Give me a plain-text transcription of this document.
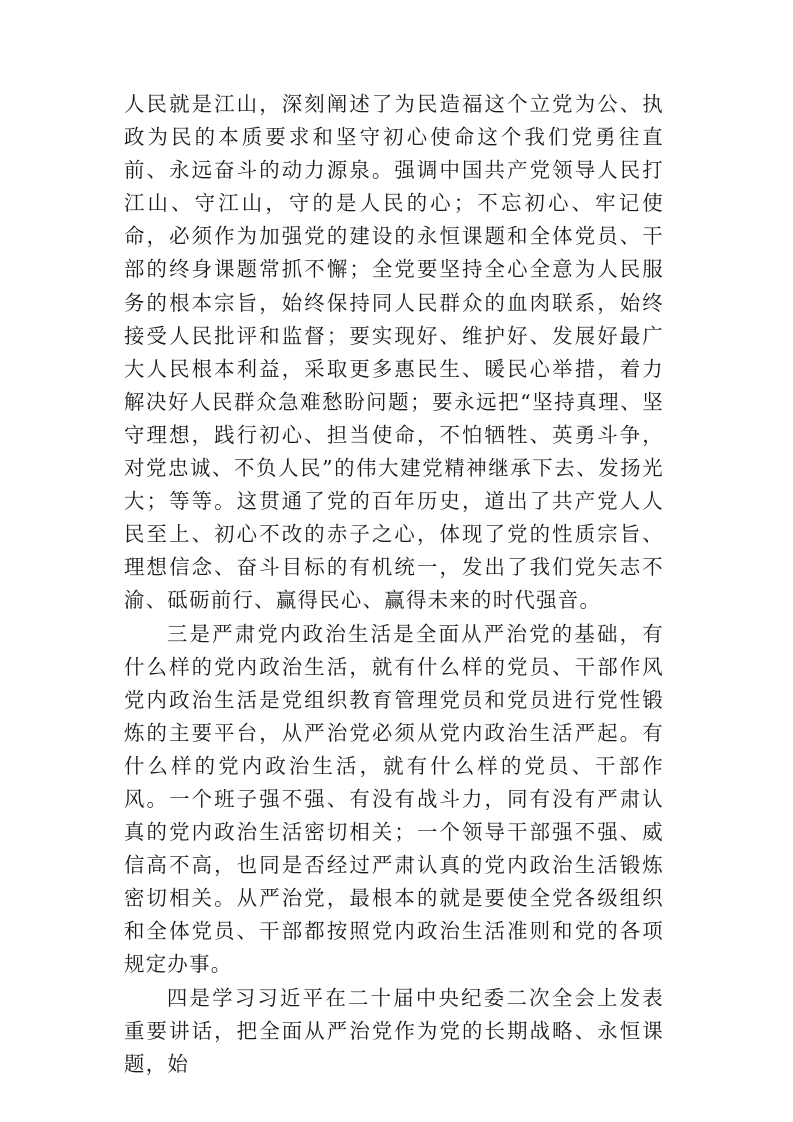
人民就是江山，深刻阐述了为民造福这个立党为公、执政为民的本质要求和坚守初心使命这个我们党勇往直前、永远奋斗的动力源泉。强调中国共产党领导人民打江山、守江山，守的是人民的心；不忘初心、牢记使命，必须作为加强党的建设的永恒课题和全体党员、干部的终身课题常抓不懈；全党要坚持全心全意为人民服务的根本宗旨，始终保持同人民群众的血肉联系，始终接受人民批评和监督；要实现好、维护好、发展好最广大人民根本利益，采取更多惠民生、暖民心举措，着力解决好人民群众急难愁盼问题；要永远把“坚持真理、坚守理想，践行初心、担当使命，不怕牺牲、英勇斗争，对党忠诚、不负人民”的伟大建党精神继承下去、发扬光大；等等。这贯通了党的百年历史，道出了共产党人人民至上、初心不改的赤子之心，体现了党的性质宗旨、理想信念、奋斗目标的有机统一，发出了我们党矢志不渝、砥砺前行、赢得民心、赢得未来的时代强音。

三是严肃党内政治生活是全面从严治党的基础，有什么样的党内政治生活，就有什么样的党员、干部作风党内政治生活是党组织教育管理党员和党员进行党性锻炼的主要平台，从严治党必须从党内政治生活严起。有什么样的党内政治生活，就有什么样的党员、干部作风。一个班子强不强、有没有战斗力，同有没有严肃认真的党内政治生活密切相关；一个领导干部强不强、威信高不高，也同是否经过严肃认真的党内政治生活锻炼密切相关。从严治党，最根本的就是要使全党各级组织和全体党员、干部都按照党内政治生活准则和党的各项规定办事。

四是学习习近平在二十届中央纪委二次全会上发表重要讲话，把全面从严治党作为党的长期战略、永恒课题，始
